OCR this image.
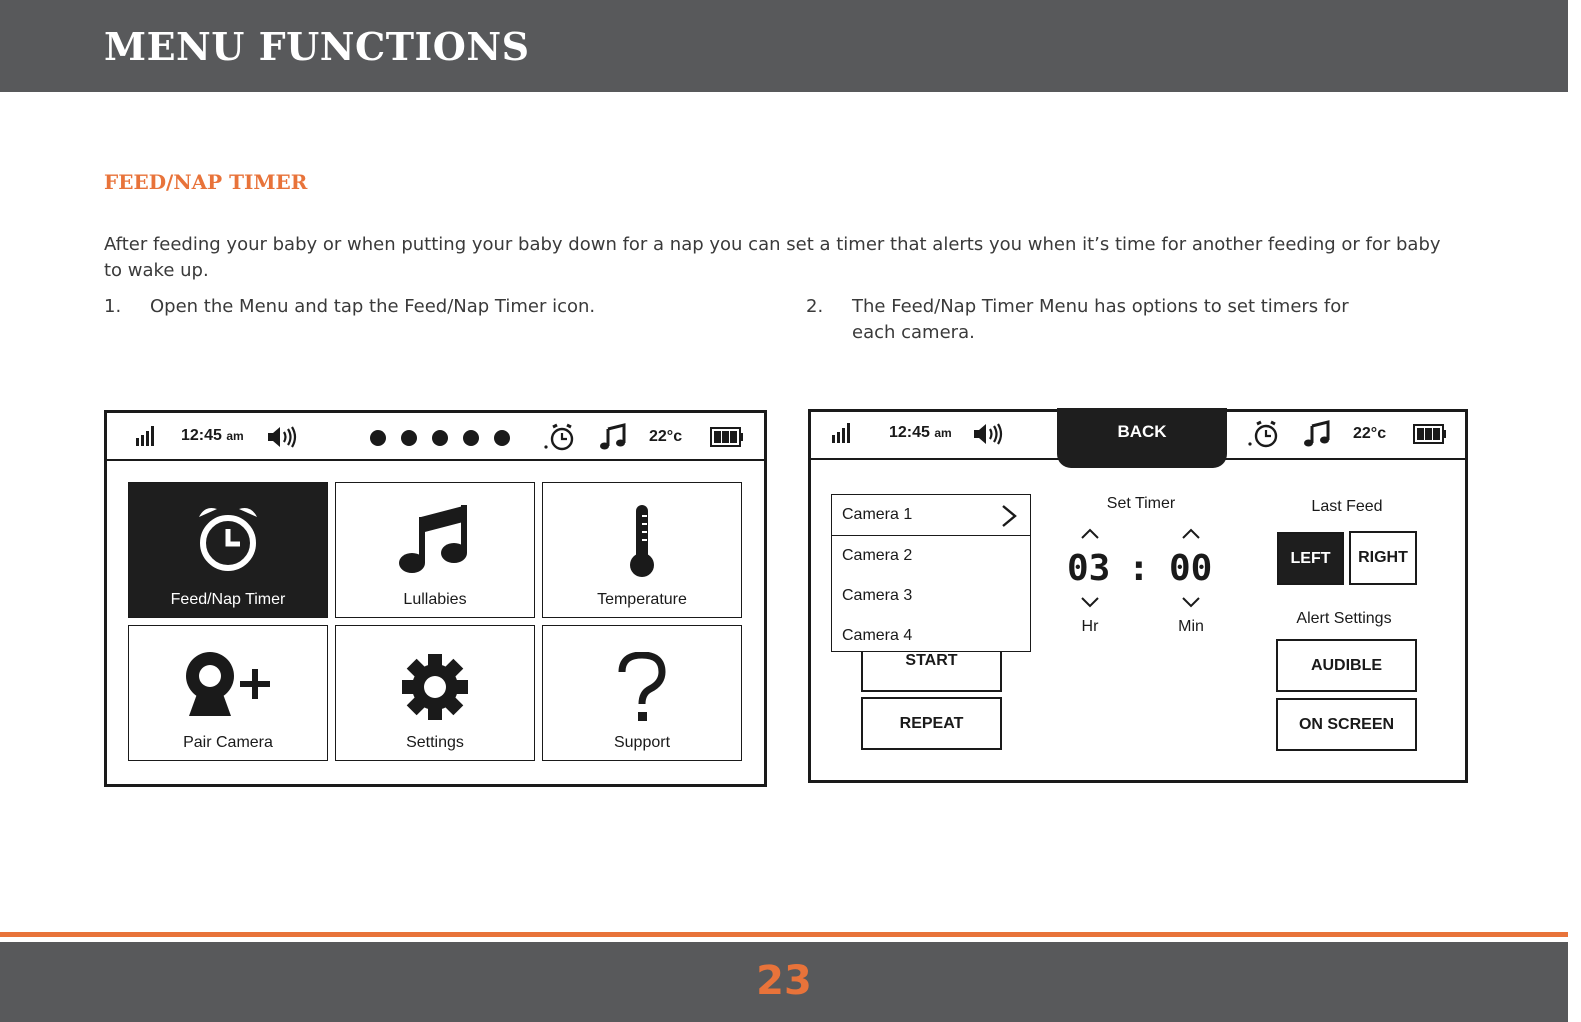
MENU FUNCTIONS
FEED/NAP TIMER
After feeding your baby or when putting your baby down for a nap you can set a timer that alerts you when it’s time for another feeding or for baby to wake up.
1. Open the Menu and tap the Feed/Nap Timer icon.	2. The Feed/Nap Timer Menu has options to set timers for
each camera.
12:45 am	22°c
Feed/Nap Timer	Lullabies	Temperature
Pair Camera	Settings	Support
12:45 am	BACK	22°c
START
REPEAT
Camera 2
Camera 3
Camera 4
Camera 1
Set Timer
03 : 00
Hr	Min
Last Feed
LEFT	RIGHT
Alert Settings
AUDIBLE
ON SCREEN
23
